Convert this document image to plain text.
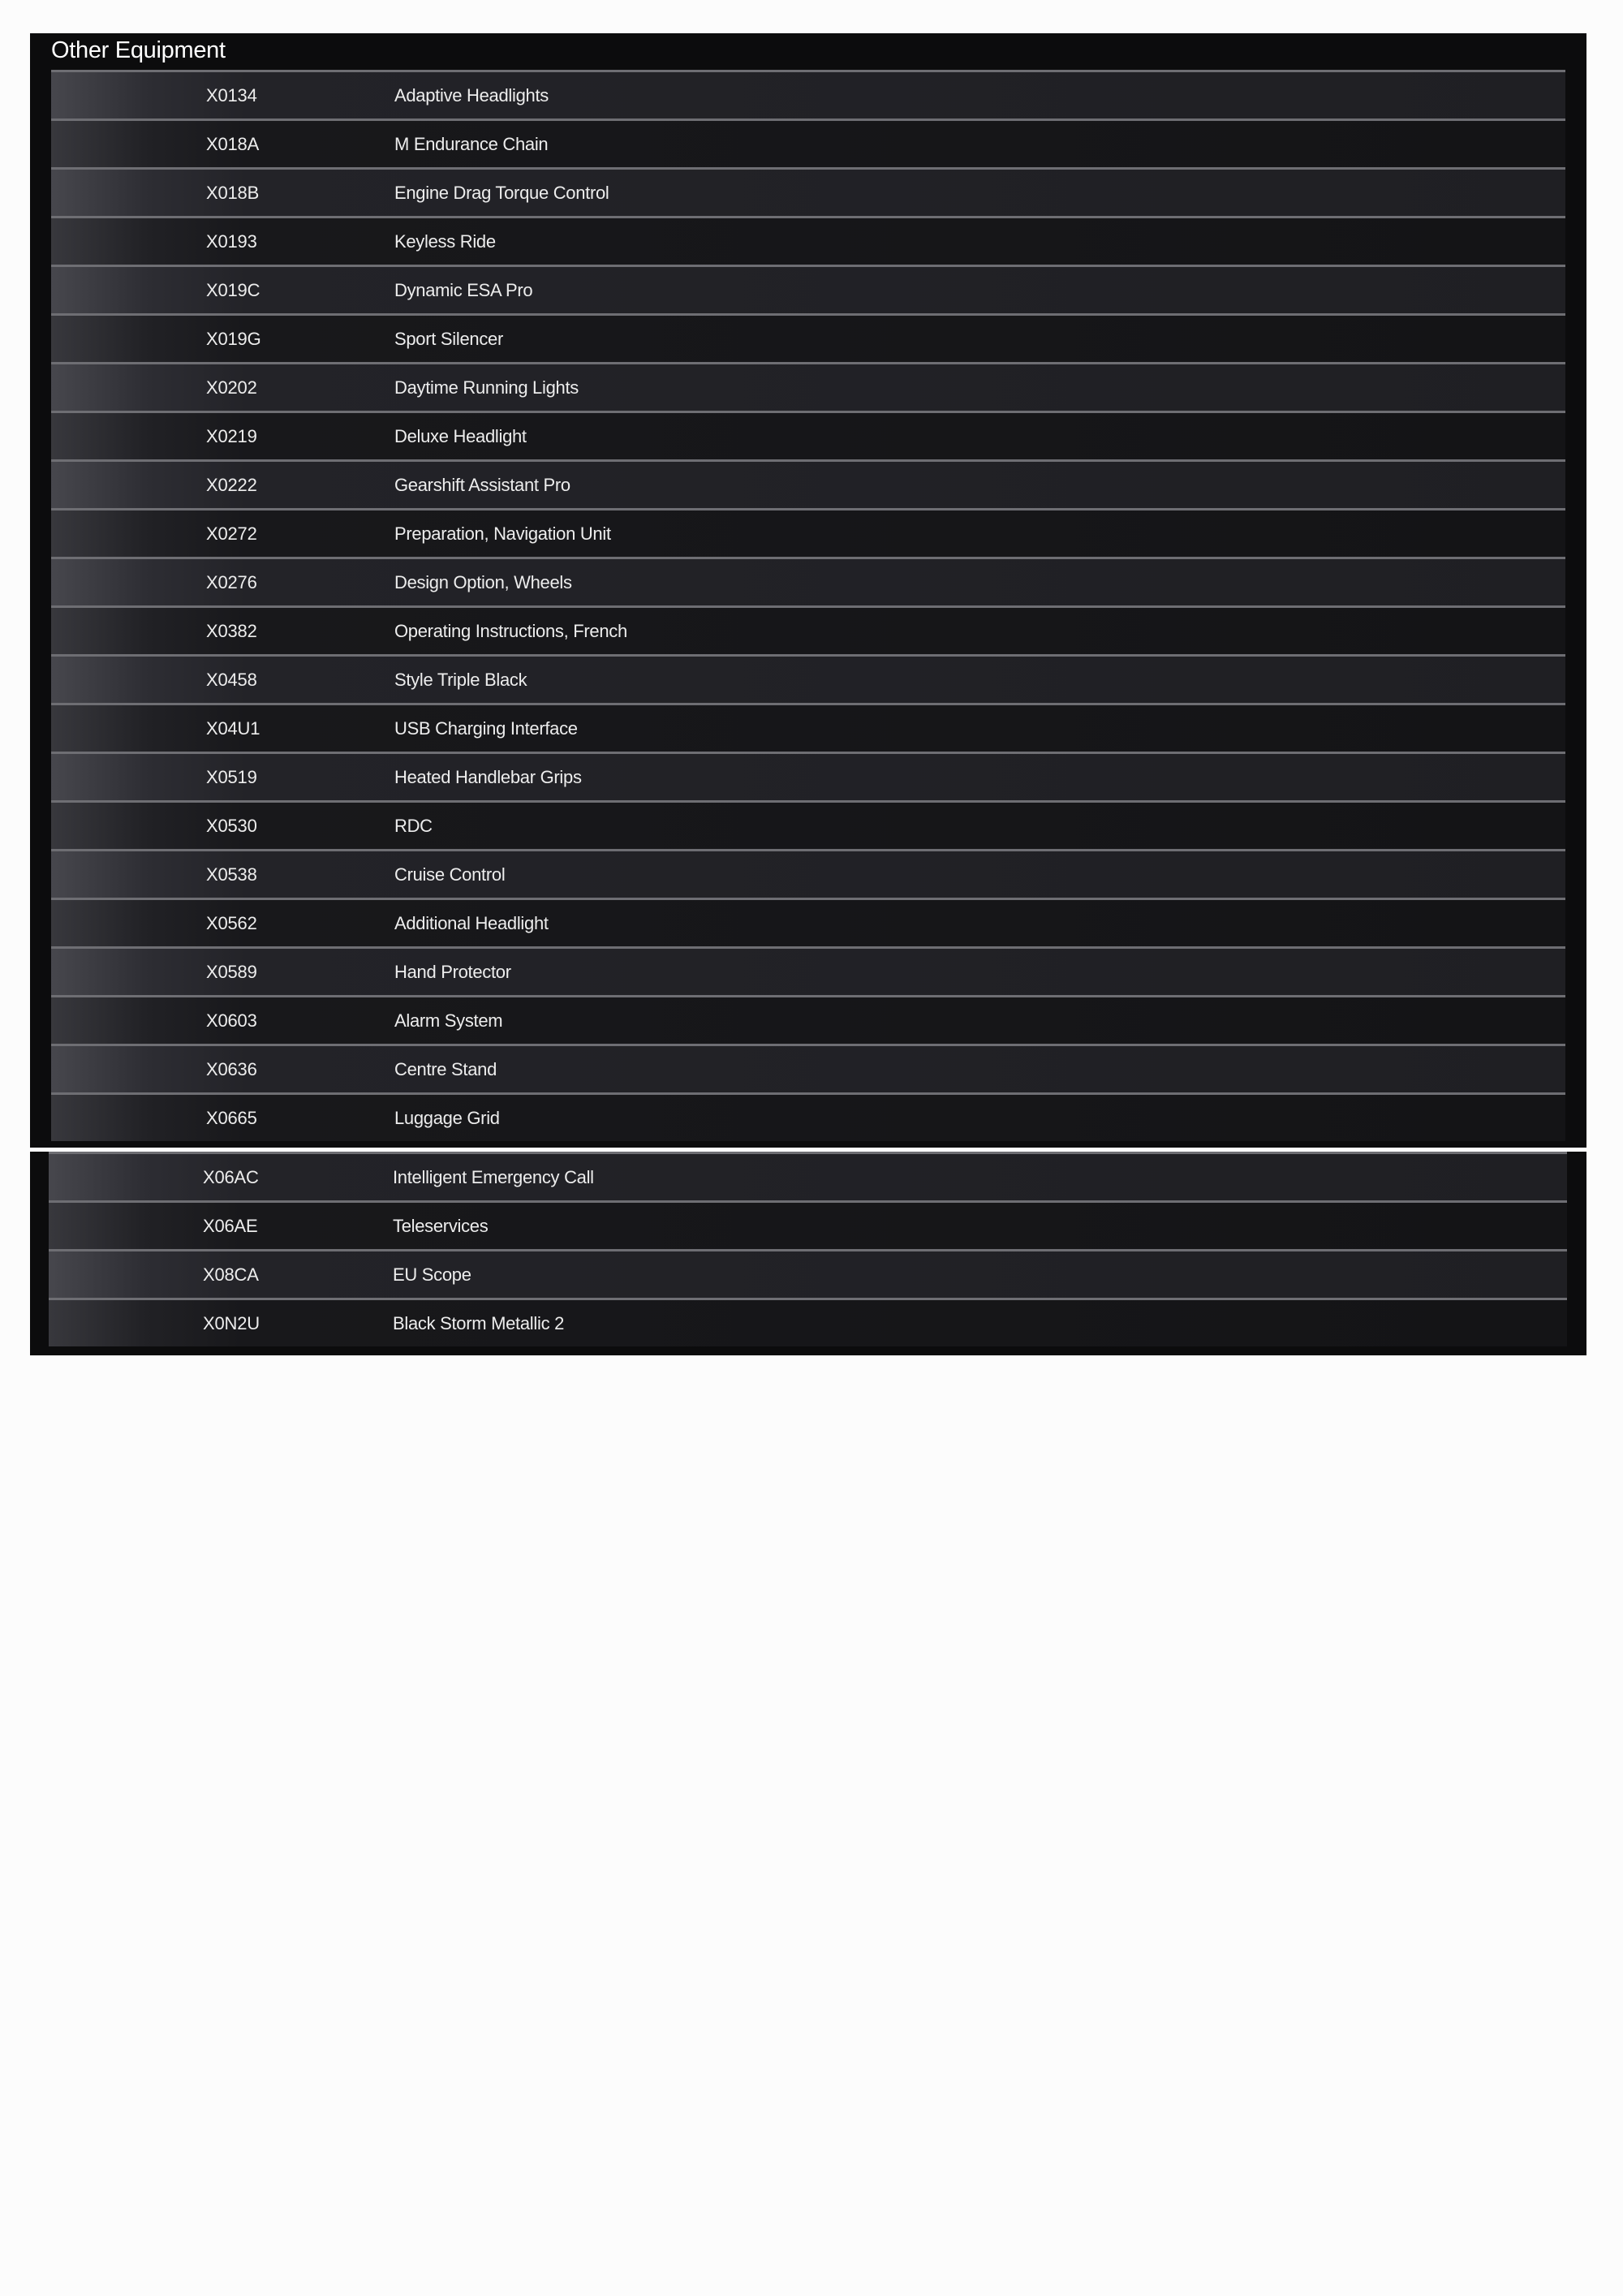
Other Equipment
X0134	Adaptive Headlights
X018A	M Endurance Chain
X018B	Engine Drag Torque Control
X0193	Keyless Ride
X019C	Dynamic ESA Pro
X019G	Sport Silencer
X0202	Daytime Running Lights
X0219	Deluxe Headlight
X0222	Gearshift Assistant Pro
X0272	Preparation, Navigation Unit
X0276	Design Option, Wheels
X0382	Operating Instructions, French
X0458	Style Triple Black
X04U1	USB Charging Interface
X0519	Heated Handlebar Grips
X0530	RDC
X0538	Cruise Control
X0562	Additional Headlight
X0589	Hand Protector
X0603	Alarm System
X0636	Centre Stand
X0665	Luggage Grid
X06AC	Intelligent Emergency Call
X06AE	Teleservices
X08CA	EU Scope
X0N2U	Black Storm Metallic 2
